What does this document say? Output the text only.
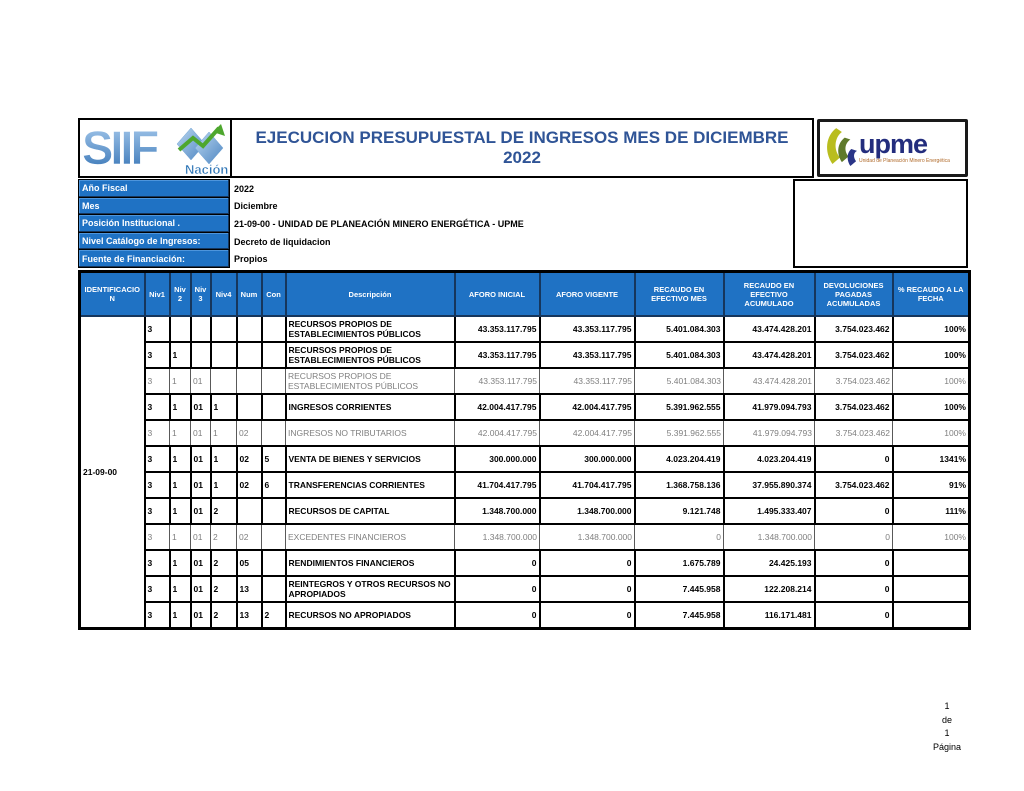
SIIF Nación
EJECUCION PRESUPUESTAL DE INGRESOS MES DE DICIEMBRE 2022	upme
Unidad de Planeación Minero Energética
Año Fiscal	2022
Mes	Diciembre
Posición Institucional .	21-09-00 - UNIDAD DE PLANEACIÓN MINERO ENERGÉTICA - UPME
Nivel Catálogo de Ingresos:	Decreto de liquidacion
Fuente de Financiación:	Propios
IDENTIFICACION	Niv1	Niv 2	Niv 3	Niv4	Num	Con	Descripción	AFORO INICIAL	AFORO VIGENTE	RECAUDO EN EFECTIVO MES	RECAUDO EN EFECTIVO ACUMULADO	DEVOLUCIONES PAGADAS ACUMULADAS	% RECAUDO A LA FECHA
21-09-00	3						RECURSOS PROPIOS DE ESTABLECIMIENTOS PÚBLICOS	43.353.117.795	43.353.117.795	5.401.084.303	43.474.428.201	3.754.023.462	100%
	3	1					RECURSOS PROPIOS DE ESTABLECIMIENTOS PÚBLICOS	43.353.117.795	43.353.117.795	5.401.084.303	43.474.428.201	3.754.023.462	100%
	3	1	01				RECURSOS PROPIOS DE ESTABLECIMIENTOS PÚBLICOS	43.353.117.795	43.353.117.795	5.401.084.303	43.474.428.201	3.754.023.462	100%
	3	1	01	1			INGRESOS CORRIENTES	42.004.417.795	42.004.417.795	5.391.962.555	41.979.094.793	3.754.023.462	100%
	3	1	01	1	02		INGRESOS NO TRIBUTARIOS	42.004.417.795	42.004.417.795	5.391.962.555	41.979.094.793	3.754.023.462	100%
	3	1	01	1	02	5	VENTA DE BIENES Y SERVICIOS	300.000.000	300.000.000	4.023.204.419	4.023.204.419	0	1341%
	3	1	01	1	02	6	TRANSFERENCIAS CORRIENTES	41.704.417.795	41.704.417.795	1.368.758.136	37.955.890.374	3.754.023.462	91%
	3	1	01	2			RECURSOS DE CAPITAL	1.348.700.000	1.348.700.000	9.121.748	1.495.333.407	0	111%
	3	1	01	2	02		EXCEDENTES FINANCIEROS	1.348.700.000	1.348.700.000	0	1.348.700.000	0	100%
	3	1	01	2	05		RENDIMIENTOS FINANCIEROS	0	0	1.675.789	24.425.193	0	
	3	1	01	2	13		REINTEGROS Y OTROS RECURSOS NO APROPIADOS	0	0	7.445.958	122.208.214	0	
	3	1	01	2	13	2	RECURSOS NO APROPIADOS	0	0	7.445.958	116.171.481	0	
1
de
1
Página
